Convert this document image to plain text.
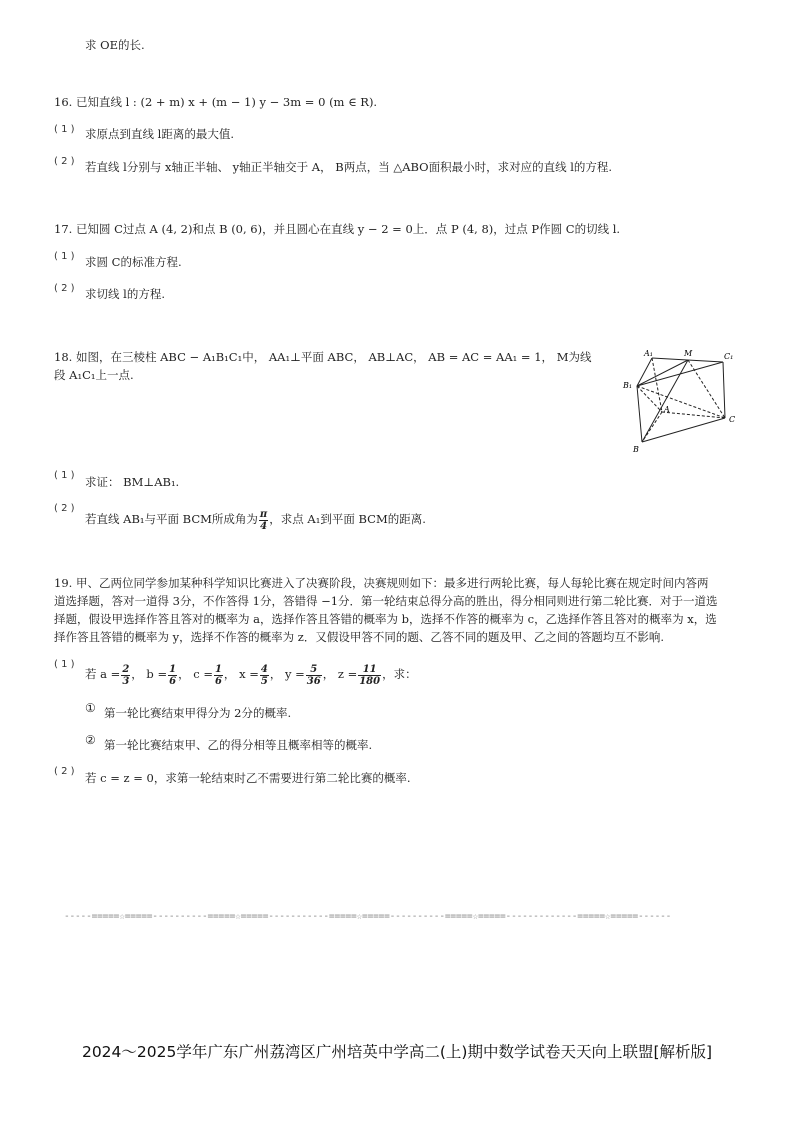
求 OE的长.
16. 已知直线 l : (2 + m) x + (m − 1) y − 3m = 0 (m ∈ R).
( 1 ) 求原点到直线 l距离的最大值.
( 2 ) 若直线 l分别与 x轴正半轴、 y轴正半轴交于 A， B两点，当 △ABO面积最小时，求对应的直线 l的方程.
17. 已知圆 C过点 A (4, 2)和点 B (0, 6)，并且圆心在直线 y − 2 = 0上．点 P (4, 8)，过点 P作圆 C的切线 l.
( 1 ) 求圆 C的标准方程.
( 2 ) 求切线 l的方程.
18. 如图，在三棱柱 ABC − A₁B₁C₁中， AA₁⊥平面 ABC， AB⊥AC， AB = AC = AA₁ = 1， M为线
段 A₁C₁上一点.
A₁	M	C₁
B₁
A
C
B
( 1 ) 求证： BM⊥AB₁.
( 2 )
若直线 AB₁与平面 BCM所成角为 $\frac{\pi}{4}$ ，求点 A₁到平面 BCM的距离.
19. 甲、乙两位同学参加某种科学知识比赛进入了决赛阶段，决赛规则如下：最多进行两轮比赛，每人每轮比赛在规定时间内答两
道选择题，答对一道得 3分，不作答得 1分，答错得 −1分．第一轮结束总得分高的胜出，得分相同则进行第二轮比赛．对于一道选
择题，假设甲选择作答且答对的概率为 a，选择作答且答错的概率为 b，选择不作答的概率为 c，乙选择作答且答对的概率为 x，选
择作答且答错的概率为 y，选择不作答的概率为 z．又假设甲答不同的题、乙答不同的题及甲、乙之间的答题均互不影响.
( 1 )
若 $a = \frac{2}{3}$ ， $b = \frac{1}{6}$ ， $c = \frac{1}{6}$ ， $x = \frac{4}{5}$ ， $y = \frac{5}{36}$ ， $z = \frac{11}{180}$ ，求：
① 第一轮比赛结束甲得分为 2分的概率.
② 第一轮比赛结束甲、乙的得分相等且概率相等的概率.
( 2 ) 若 c = z = 0，求第一轮结束时乙不需要进行第二轮比赛的概率.
-----=====☆=====----------=====☆=====-----------=====☆=====----------=====☆=====-------------=====☆=====------
2024～2025学年广东广州荔湾区广州培英中学高二(上)期中数学试卷天天向上联盟[解析版]
